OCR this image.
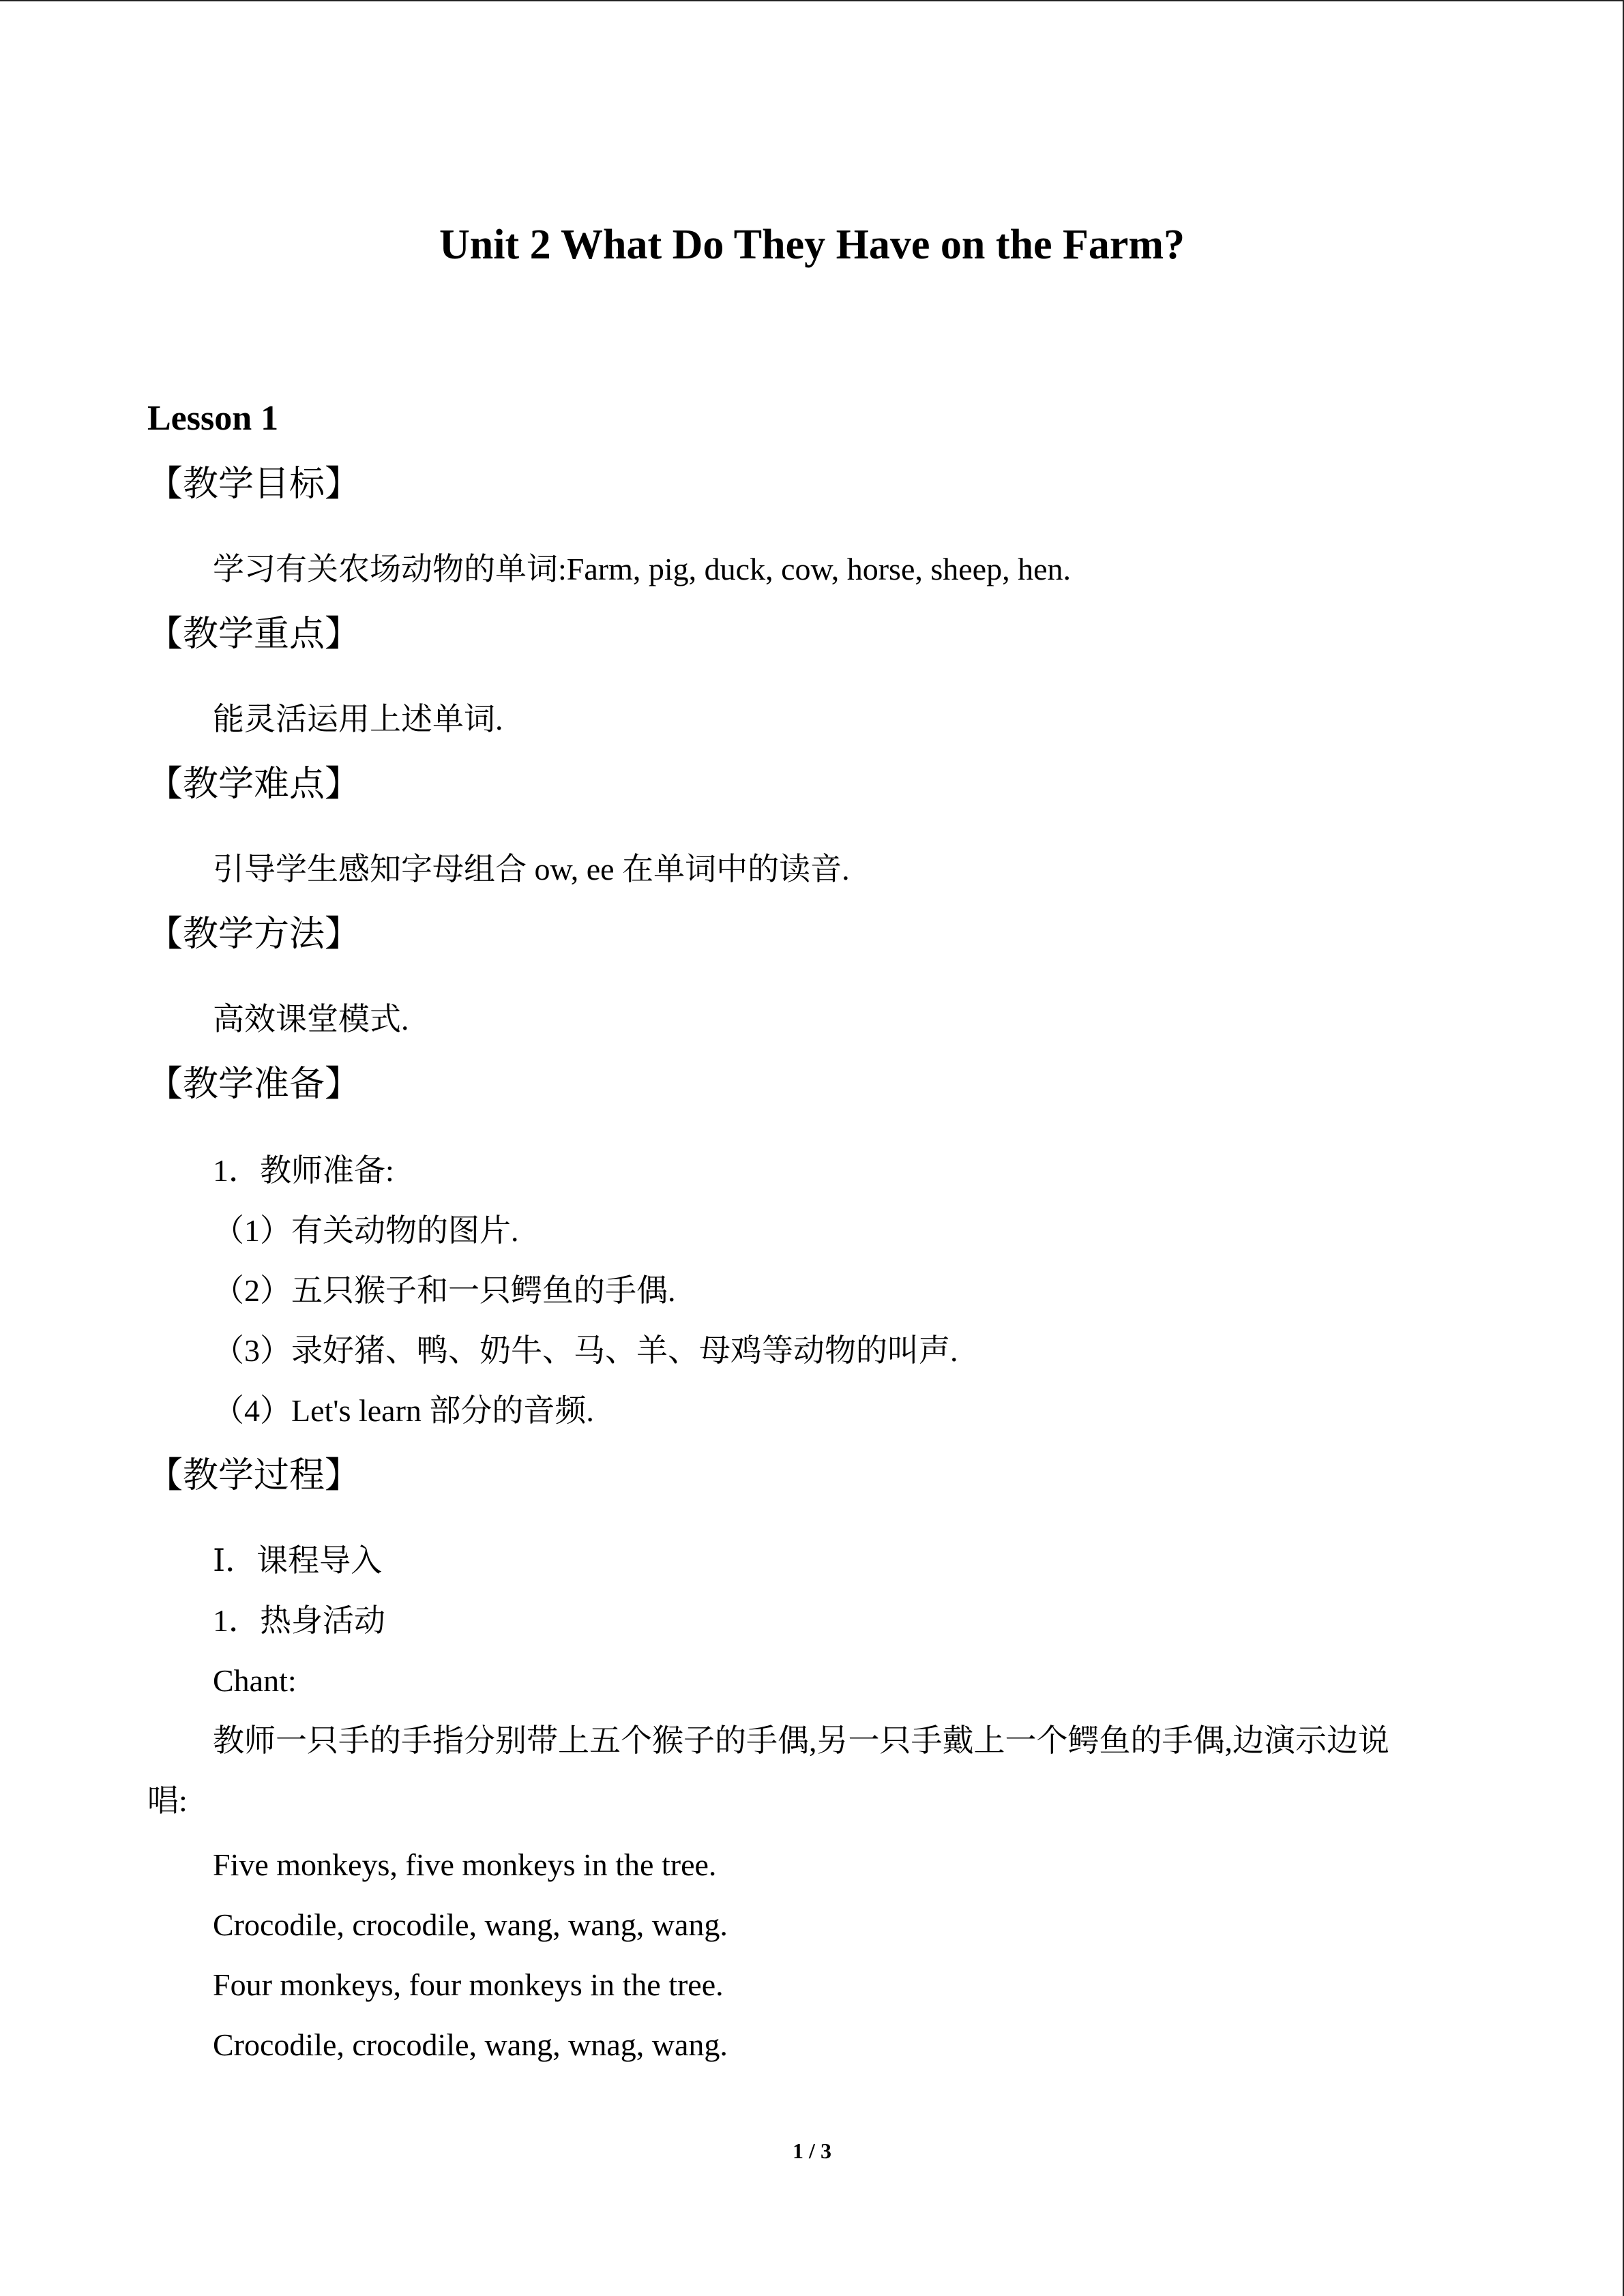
Unit 2 What Do They Have on the Farm?
Lesson 1
【教学目标】
学习有关农场动物的单词:Farm, pig, duck, cow, horse, sheep, hen.
【教学重点】
能灵活运用上述单词.
【教学难点】
引导学生感知字母组合 ow, ee 在单词中的读音.
【教学方法】
高效课堂模式.
【教学准备】
1．教师准备:
（1）有关动物的图片.
（2）五只猴子和一只鳄鱼的手偶.
（3）录好猪、鸭、奶牛、马、羊、母鸡等动物的叫声.
（4）Let's learn 部分的音频.
【教学过程】
Ⅰ．课程导入
1．热身活动
Chant:
教师一只手的手指分别带上五个猴子的手偶,另一只手戴上一个鳄鱼的手偶,边演示边说
唱:
Five monkeys, five monkeys in the tree.
Crocodile, crocodile, wang, wang, wang.
Four monkeys, four monkeys in the tree.
Crocodile, crocodile, wang, wnag, wang.
1 / 3
